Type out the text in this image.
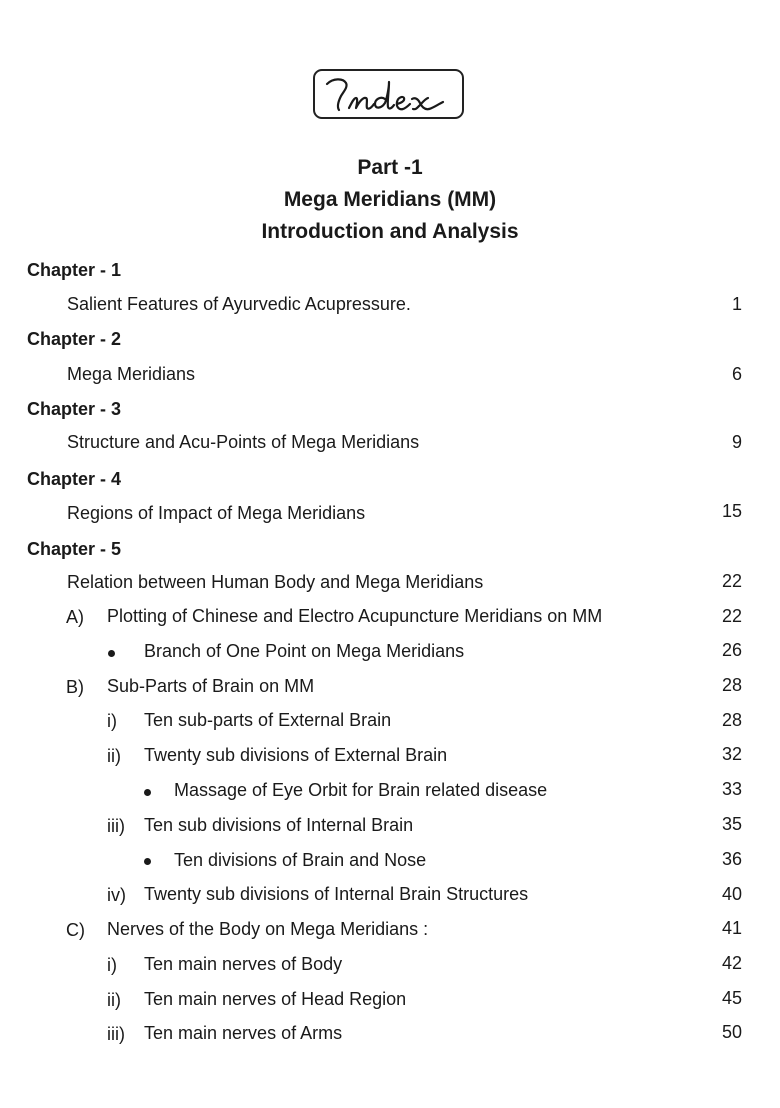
Part -1
Mega Meridians (MM)
Introduction and Analysis
Chapter - 1
Salient Features of Ayurvedic Acupressure.	1
Chapter - 2
Mega Meridians	6
Chapter - 3
Structure and Acu-Points of Mega Meridians	9
Chapter - 4
Regions of Impact of Mega Meridians	15
Chapter - 5
Relation between Human Body and Mega Meridians	22
A) Plotting of Chinese and Electro Acupuncture Meridians on MM	22
Branch of One Point on Mega Meridians	26
B) Sub-Parts of Brain on MM	28
i) Ten sub-parts of External Brain	28
ii) Twenty sub divisions of External Brain	32
Massage of Eye Orbit for Brain related disease	33
iii) Ten sub divisions of Internal Brain	35
Ten divisions of Brain and Nose	36
iv) Twenty sub divisions of Internal Brain Structures	40
C) Nerves of the Body on Mega Meridians :	41
i) Ten main nerves of Body	42
ii) Ten main nerves of Head Region	45
iii) Ten main nerves of Arms	50
